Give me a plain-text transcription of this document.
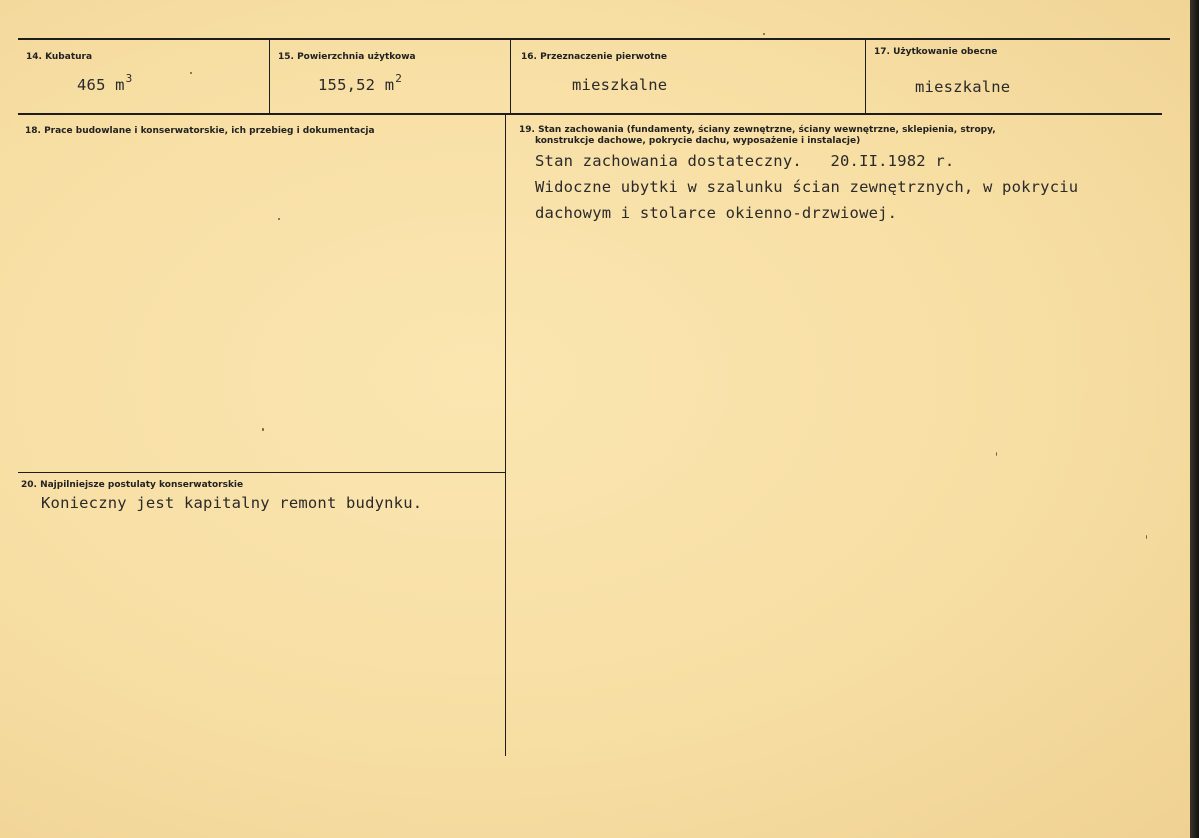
14. Kubatura
465 $m^3$
15. Powierzchnia użytkowa
155,52 $m^2$
16. Przeznaczenie pierwotne
mieszkalne
17. Użytkowanie obecne
mieszkalne
18. Prace budowlane i konserwatorskie, ich przebieg i dokumentacja	19. Stan zachowania (fundamenty, ściany zewnętrzne, ściany wewnętrzne, sklepienia, stropy,
konstrukcje dachowe, pokrycie dachu, wyposażenie i instalacje)
Stan zachowania dostateczny.   20.II.1982 r.
Widoczne ubytki w szalunku ścian zewnętrznych, w pokryciu
dachowym i stolarce okienno-drzwiowej.
20. Najpilniejsze postulaty konserwatorskie
Konieczny jest kapitalny remont budynku.
